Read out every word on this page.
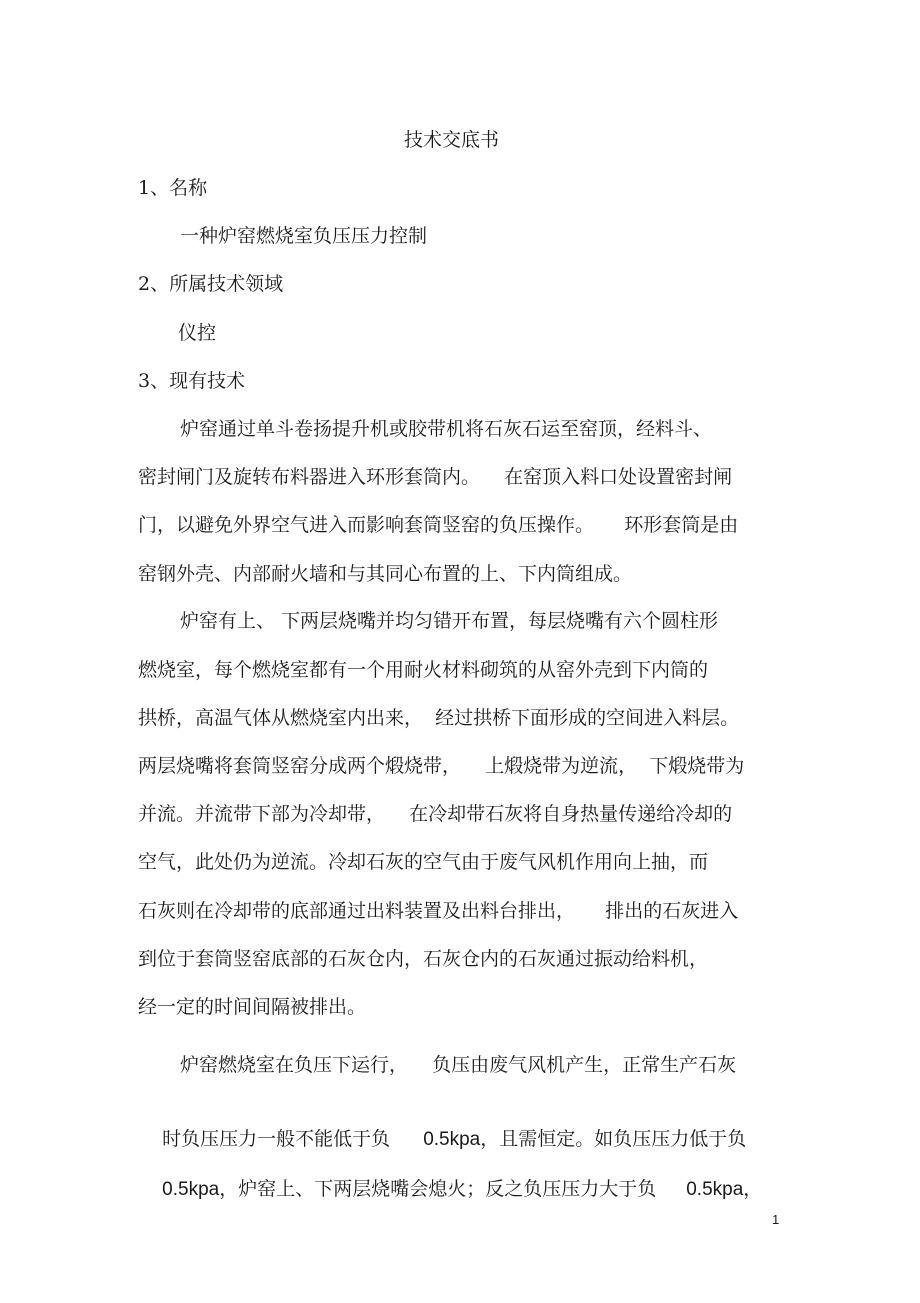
技术交底书
1、名称
一种炉窑燃烧室负压压力控制
2、所属技术领域
仪控
3、现有技术
炉窑通过单斗卷扬提升机或胶带机将石灰石运至窑顶，经料斗、
密封闸门及旋转布料器进入环形套筒内。    在窑顶入料口处设置密封闸
门，以避免外界空气进入而影响套筒竖窑的负压操作。     环形套筒是由
窑钢外壳、内部耐火墙和与其同心布置的上、下内筒组成。
炉窑有上、 下两层烧嘴并均匀错开布置，每层烧嘴有六个圆柱形
燃烧室，每个燃烧室都有一个用耐火材料砌筑的从窑外壳到下内筒的
拱桥，高温气体从燃烧室内出来，  经过拱桥下面形成的空间进入料层。
两层烧嘴将套筒竖窑分成两个煅烧带，    上煅烧带为逆流，  下煅烧带为
并流。并流带下部为冷却带，    在冷却带石灰将自身热量传递给冷却的
空气，此处仍为逆流。冷却石灰的空气由于废气风机作用向上抽，而
石灰则在冷却带的底部通过出料装置及出料台排出，     排出的石灰进入
到位于套筒竖窑底部的石灰仓内，石灰仓内的石灰通过振动给料机，
经一定的时间间隔被排出。
炉窑燃烧室在负压下运行，    负压由废气风机产生，正常生产石灰

时负压压力一般不能低于负 0.5kpa，且需恒定。如负压压力低于负

0.5kpa，炉窑上、下两层烧嘴会熄火；反之负压压力大于负 0.5kpa，

1
